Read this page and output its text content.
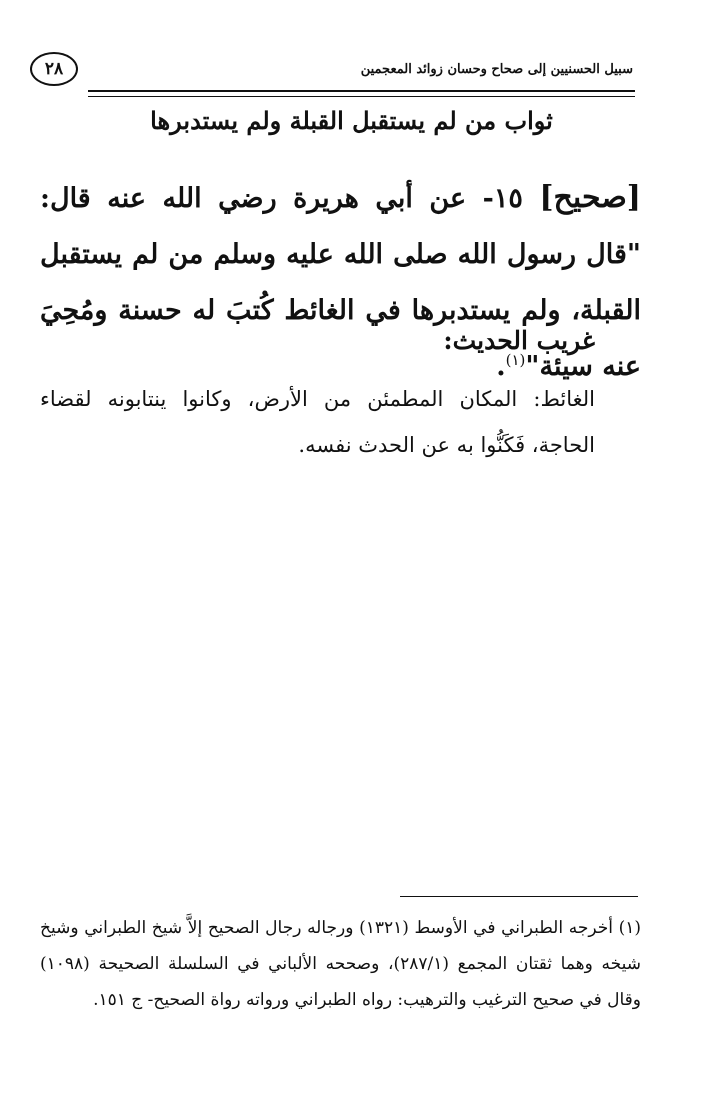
٢٨	سبيل الحسنيين إلى صحاح وحسان زوائد المعجمين
ثواب من لم يستقبل القبلة ولم يستدبرها
[صحيح] ١٥- عن أبي هريرة رضي الله عنه قال: "قال رسول الله صلى الله عليه وسلم من لم يستقبل القبلة، ولم يستدبرها في الغائط كُتبَ له حسنة ومُحِيَ عنه سيئة"$^{(١)}$.
غريب الحديث:
الغائط: المكان المطمئن من الأرض، وكانوا ينتابونه لقضاء الحاجة، فَكَنُّوا به عن الحدث نفسه.
(١) أخرجه الطبراني في الأوسط (١٣٢١) ورجاله رجال الصحيح إلاَّ شيخ الطبراني وشيخ شيخه وهما ثقتان المجمع (٢٨٧/١)، وصححه الألباني في السلسلة الصحيحة (١٠٩٨) وقال في صحيح الترغيب والترهيب: رواه الطبراني ورواته رواة الصحيح- ج ١٥١.
